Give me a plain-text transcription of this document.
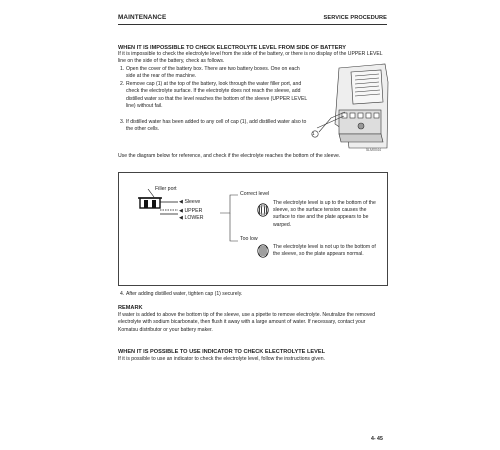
MAINTENANCE	SERVICE PROCEDURE
WHEN IT IS IMPOSSIBLE TO CHECK ELECTROLYTE LEVEL FROM SIDE OF BATTERY
If it is impossible to check the electrolyte level from the side of the battery, or there is no display of the UPPER LEVEL line on the side of the battery, check as follows.
1. Open the cover of the battery box. There are two battery boxes. One on each side at the rear of the machine.
2. Remove cap (1) at the top of the battery, look through the water filler port, and check the electrolyte surface. If the electrolyte does not reach the sleeve, add distilled water so that the level reaches the bottom of the sleeve (UPPER LEVEL line) without fail.
3. If distilled water has been added to any cell of cap (1), add distilled water also to the other cells.
1
5LM0044
Use the diagram below for reference, and check if the electrolyte reaches the bottom of the sleeve.
Filler port
◀ Sleeve
◀ UPPER
◀ LOWER
Correct level
The electrolyte level is up to the bottom of the sleeve, so the surface tension causes the surface to rise and the plate appears to be warped.
Too low
The electrolyte level is not up to the bottom of the sleeve, so the plate appears normal.
4. After adding distilled water, tighten cap (1) securely.
REMARK
If water is added to above the bottom tip of the sleeve, use a pipette to remove electrolyte. Neutralize the removed electrolyte with sodium bicarbonate, then flush it away with a large amount of water. If necessary, contact your Komatsu distributor or your battery maker.
WHEN IT IS POSSIBLE TO USE INDICATOR TO CHECK ELECTROLYTE LEVEL
If it is possible to use an indicator to check the electrolyte level, follow the instructions given.
4- 45
